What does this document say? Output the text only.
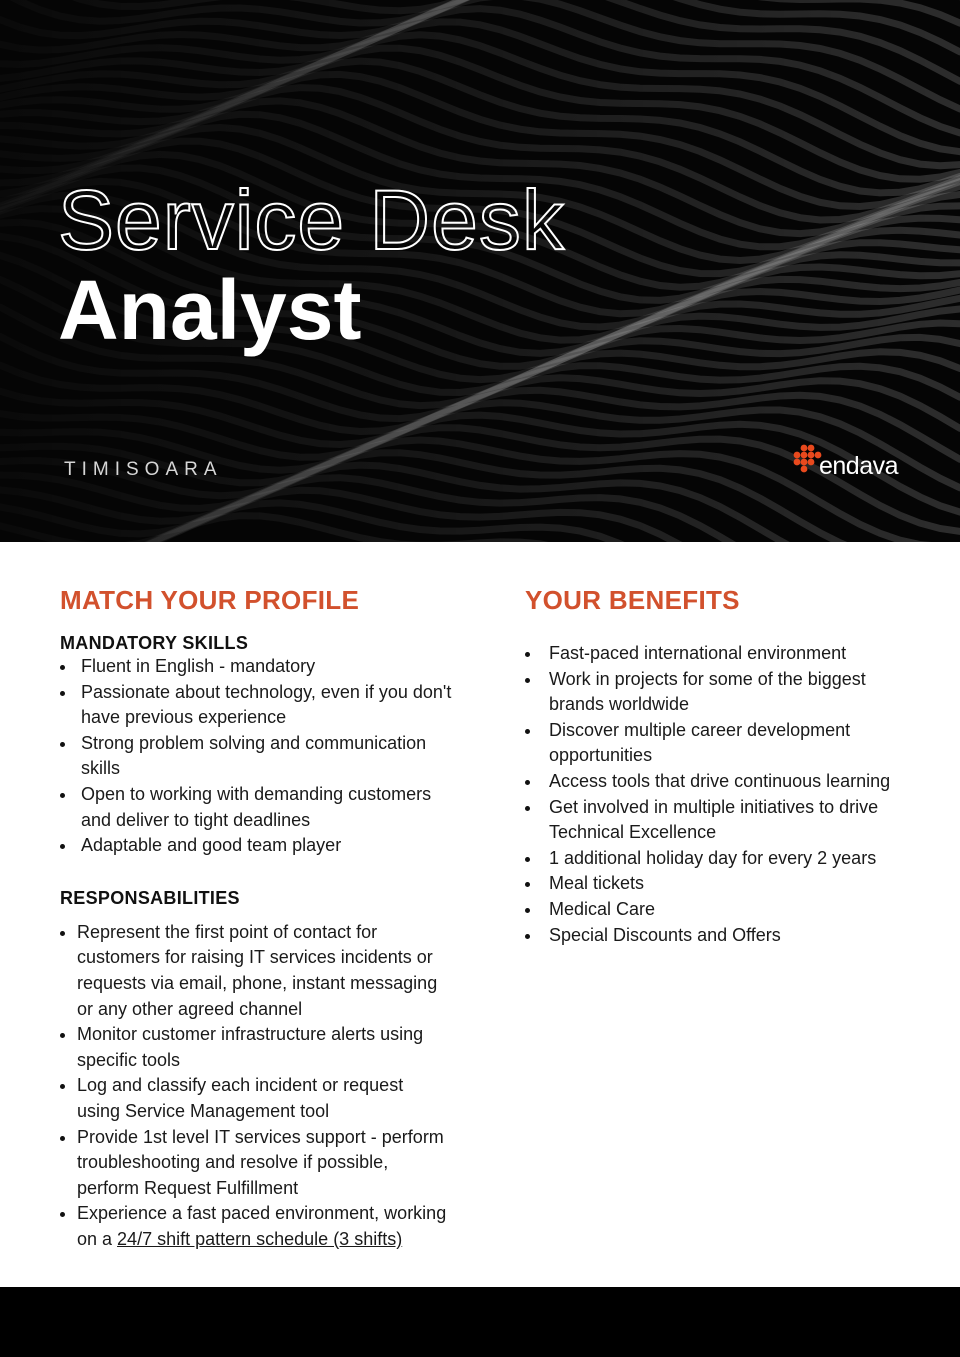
Service Desk
Analyst
TIMISOARA	endava
MATCH YOUR PROFILE
MANDATORY SKILLS
Fluent in English - mandatory
Passionate about technology, even if you don't have previous experience
Strong problem solving and communication skills
Open to working with demanding customers and deliver to tight deadlines
Adaptable and good team player
RESPONSABILITIES
Represent the first point of contact for customers for raising IT services incidents or requests via email, phone, instant messaging or any other agreed channel
Monitor customer infrastructure alerts using specific tools
Log and classify each incident or request using Service Management tool
Provide 1st level IT services support - perform troubleshooting and resolve if possible, perform Request Fulfillment
Experience a fast paced environment, working on a 24/7 shift pattern schedule (3 shifts)
YOUR BENEFITS
Fast-paced international environment
Work in projects for some of the biggest brands worldwide
Discover multiple career development opportunities
Access tools that drive continuous learning
Get involved in multiple initiatives to drive Technical Excellence
1 additional holiday day for every 2 years
Meal tickets
Medical Care
Special Discounts and Offers
